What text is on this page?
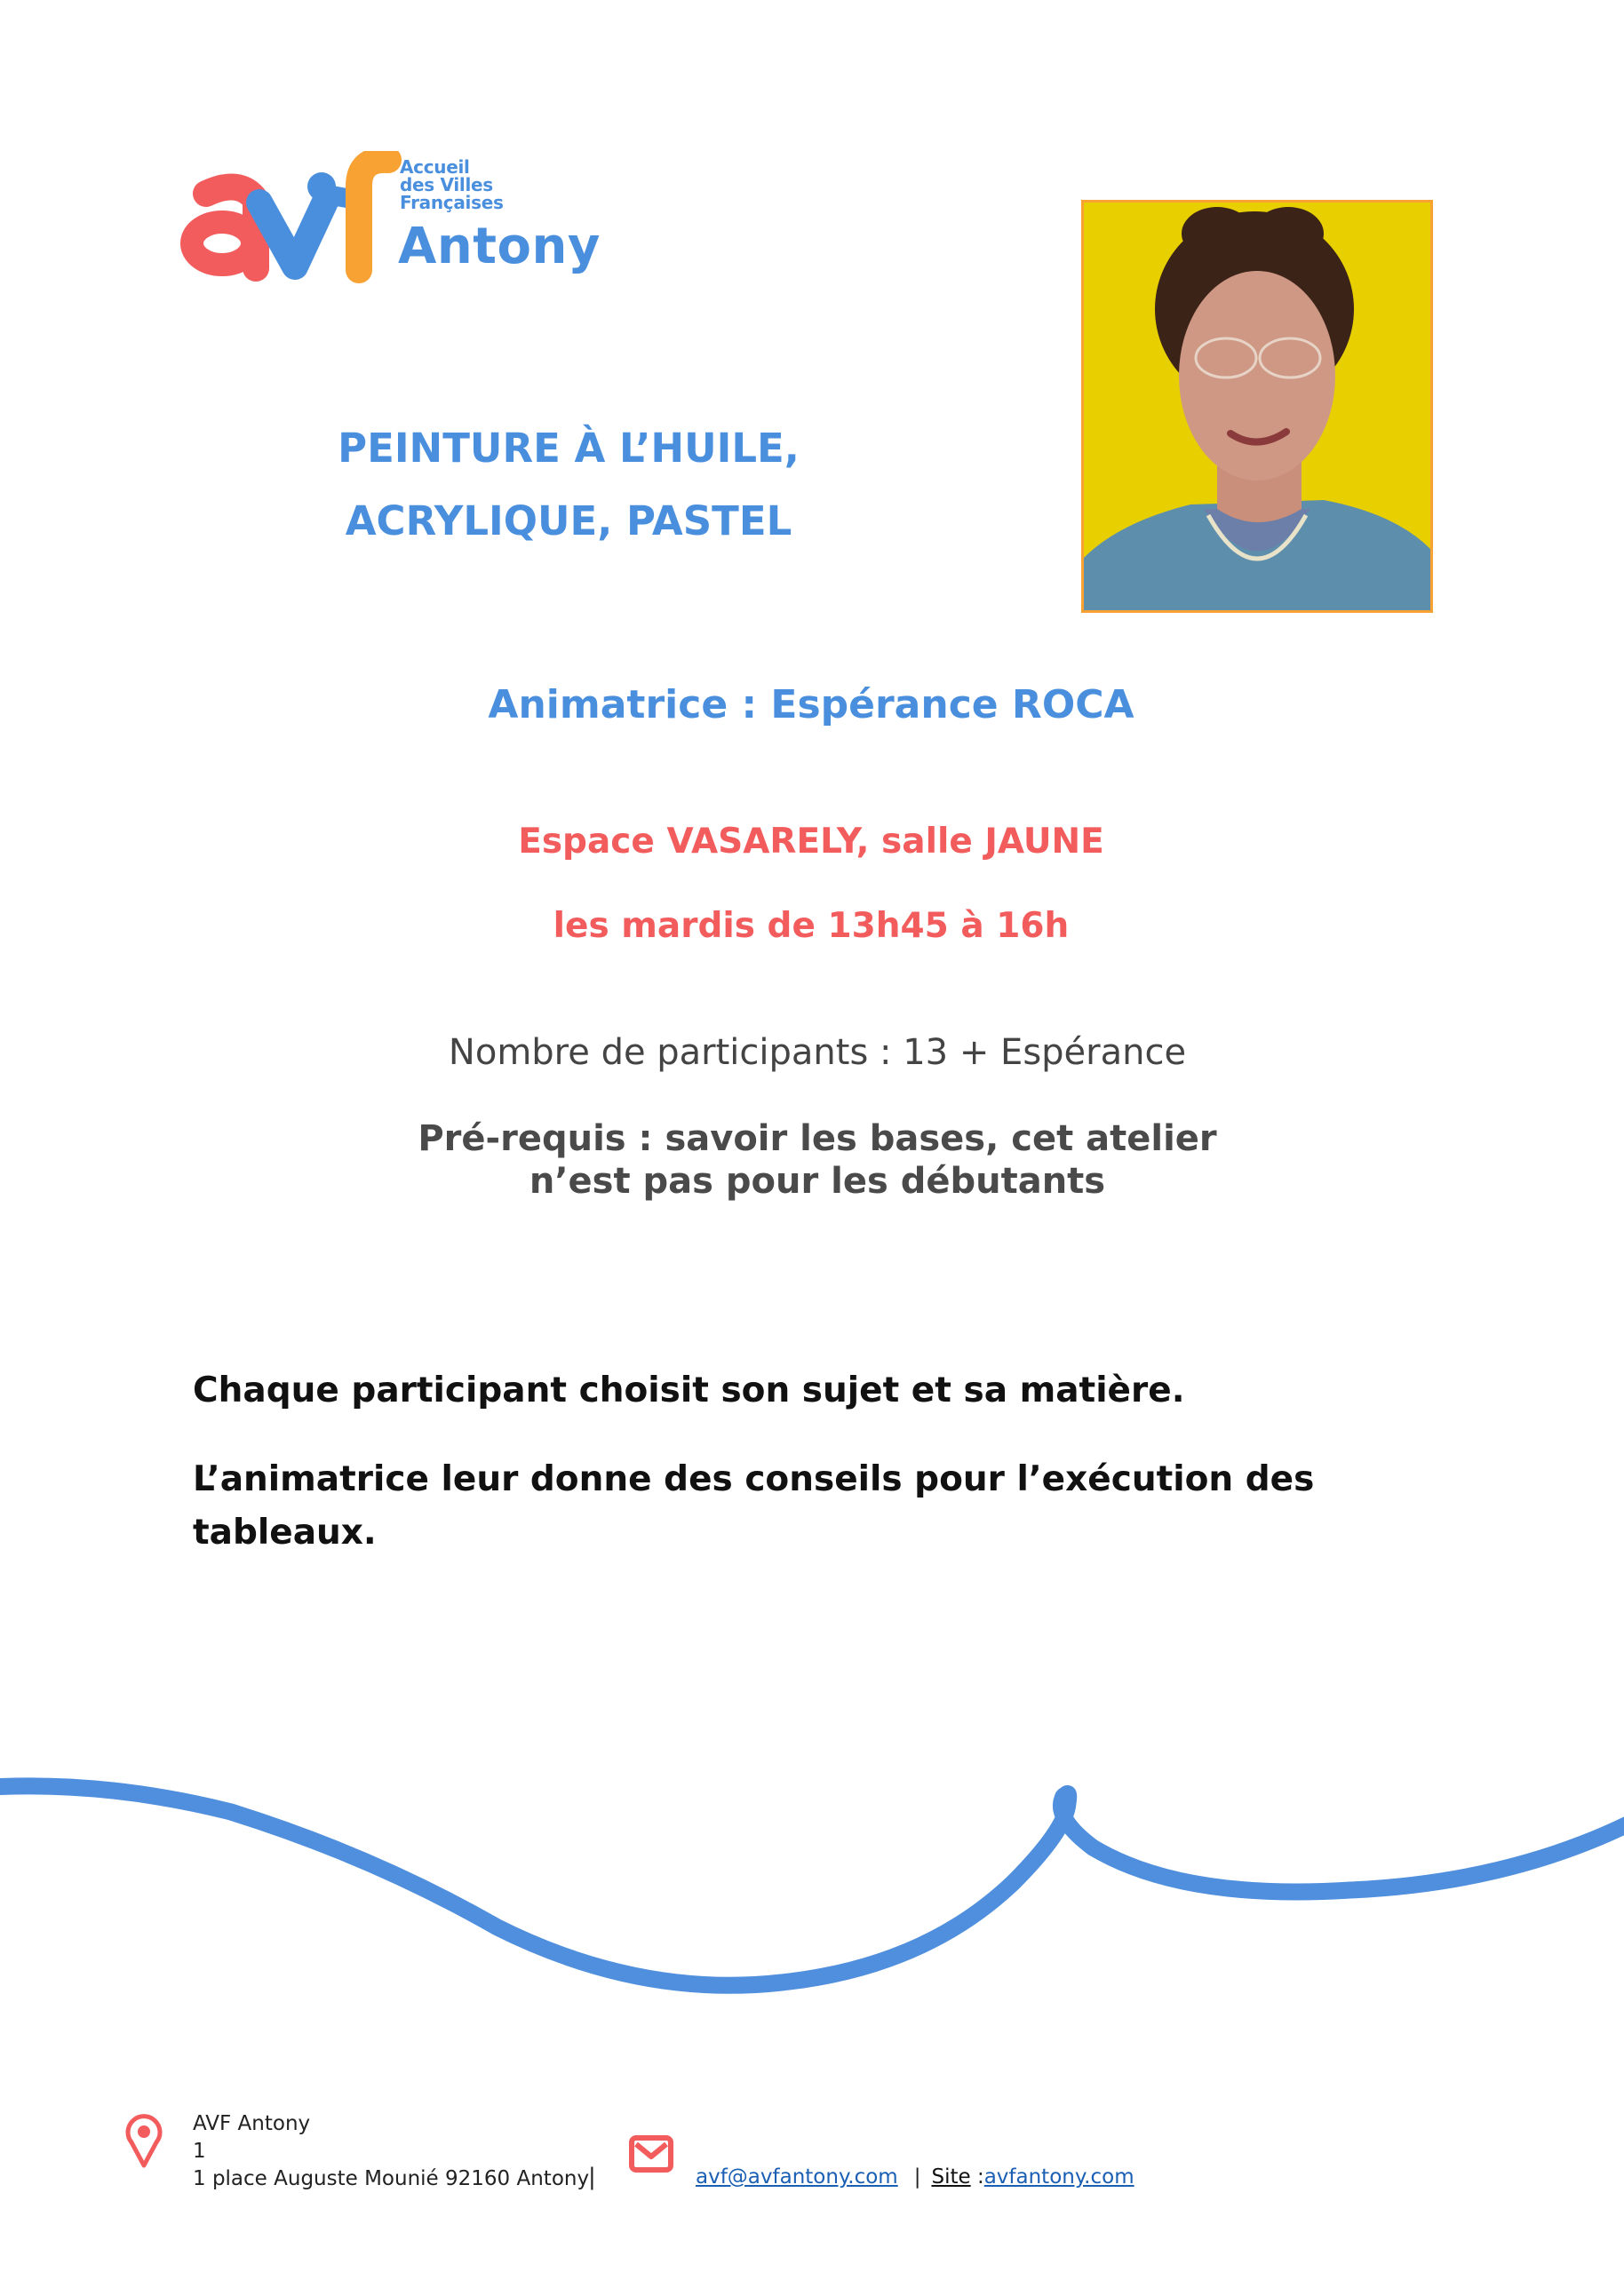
Accueil
des Villes
Françaises
Antony
PEINTURE À L’HUILE,
ACRYLIQUE, PASTEL
Animatrice : Espérance ROCA
Espace VASARELY, salle JAUNE
les mardis de 13h45 à 16h
Nombre de participants : 13 + Espérance
Pré-requis : savoir les bases, cet atelier
n’est pas pour les débutants
Chaque participant choisit son sujet et sa matière.
L’animatrice leur donne des conseils pour l’exécution des
tableaux.
AVF Antony
1
1 place Auguste Mounié 92160 Antony
|	avf@avfantony.com | Site :avfantony.com
